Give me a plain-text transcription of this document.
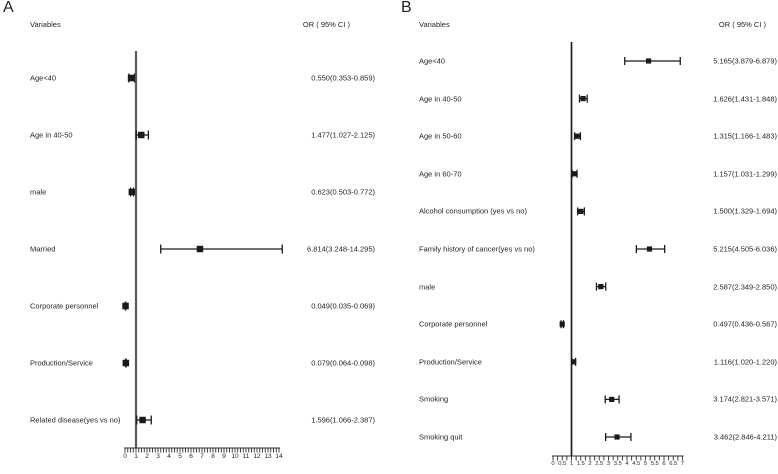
A	B
Variables	OR ( 95% CI )	Variables	OR ( 95% CI )
0 1 2 3 4 5 6 7 8 9 10 11 12 13 14
Age<40	0.550(0.353-0.859)
Age in 40-50	1.477(1.027-2.125)
male	0.623(0.503-0.772)
Married	6.814(3.248-14.295)
Corporate personnel	0.049(0.035-0.069)
Production/Service	0.079(0.064-0.098)
Related disease(yes vs no)	1.596(1.066-2.387)
0 0.5 1 1.5 2 2.5 3 3.5 4 4.5 5 5.5 6 6.5 7
Age<40	5.165(3.879-6.879)
Age in 40-50	1.626(1.431-1.848)
Age in 50-60	1.315(1.166-1.483)
Age in 60-70	1.157(1.031-1.299)
Alcohol consumption (yes vs no)	1.500(1.329-1.694)
Family history of cancer(yes vs no)	5.215(4.505-6.036)
male	2.587(2.349-2.850)
Corporate personnel	0.497(0.436-0.567)
Production/Service	1.116(1.020-1.220)
Smoking	3.174(2.821-3.571)
Smoking quit	3.462(2.846-4.211)
